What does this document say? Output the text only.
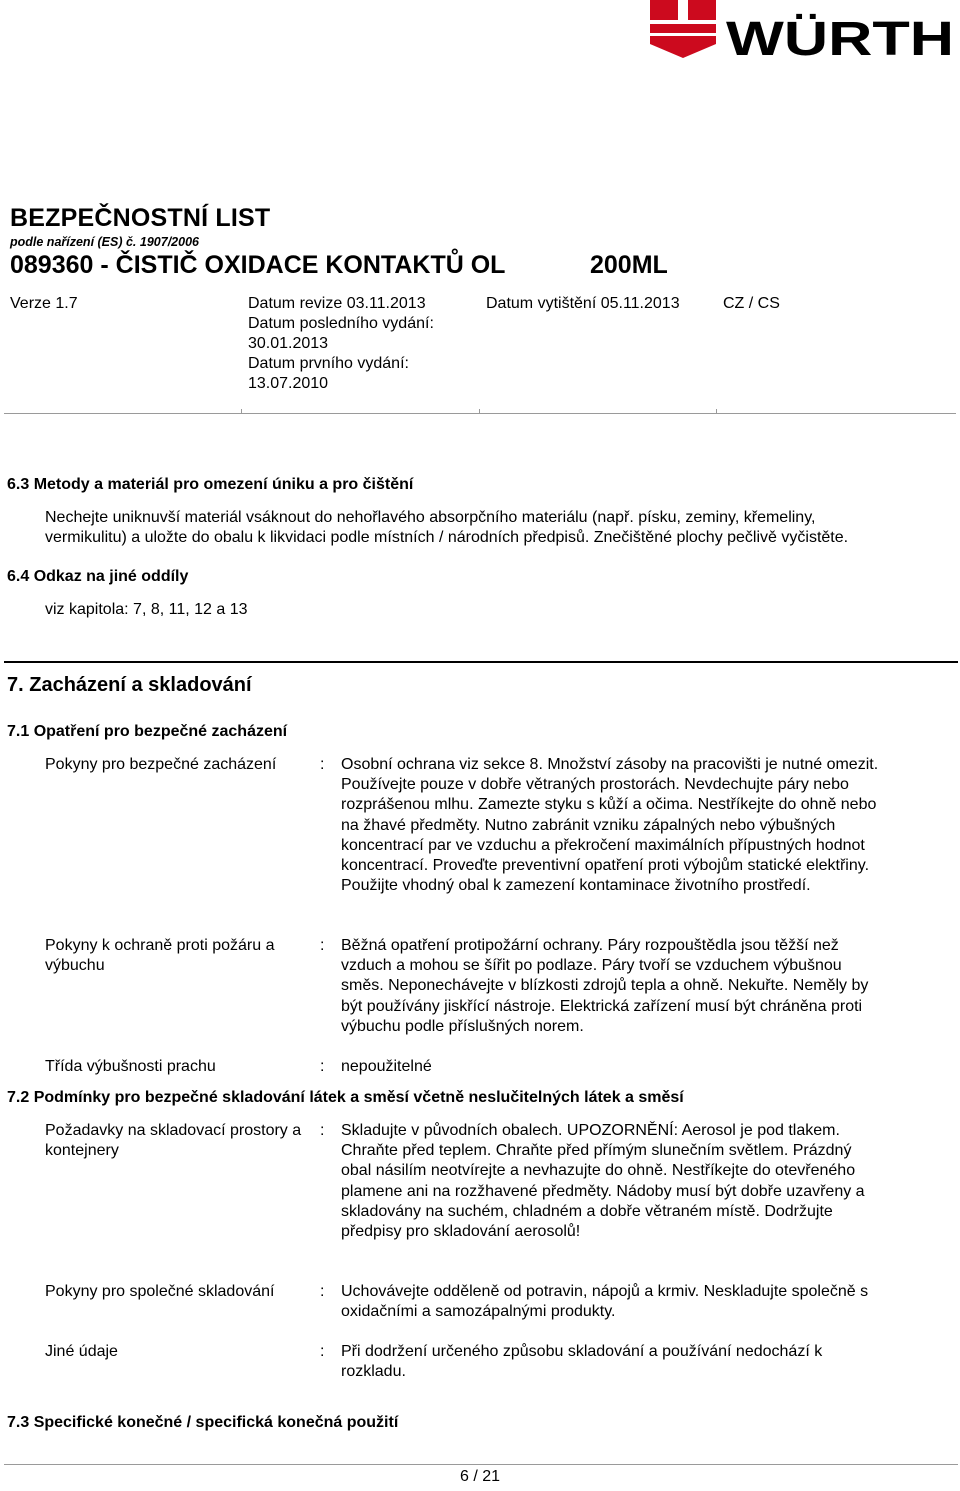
WÜRTH
BEZPEČNOSTNÍ LIST
podle nařízení (ES) č. 1907/2006
089360 - ČISTIČ OXIDACE KONTAKTŮ OL	200ML
Verze 1.7	Datum revize 03.11.2013
Datum posledního vydání:
30.01.2013
Datum prvního vydání:
13.07.2010
Datum vytištění 05.11.2013	CZ / CS
6.3 Metody a materiál pro omezení úniku a pro čištění
Nechejte uniknuvší materiál vsáknout do nehořlavého absorpčního materiálu (např. písku, zeminy, křemeliny,
vermikulitu) a uložte do obalu k likvidaci podle místních / národních předpisů. Znečištěné plochy pečlivě vyčistěte.
6.4 Odkaz na jiné oddíly
viz kapitola: 7, 8, 11, 12 a 13
7. Zacházení a skladování
7.1 Opatření pro bezpečné zacházení
Pokyny pro bezpečné zacházení	: Osobní ochrana viz sekce 8. Množství zásoby na pracovišti je nutné omezit. Používejte pouze v dobře větraných prostorách. Nevdechujte páry nebo rozprášenou mlhu. Zamezte styku s kůží a očima. Nestříkejte do ohně nebo na žhavé předměty. Nutno zabránit vzniku zápalných nebo výbušných koncentrací par ve vzduchu a překročení maximálních přípustných hodnot koncentrací. Proveďte preventivní opatření proti výbojům statické elektřiny. Použijte vhodný obal k zamezení kontaminace životního prostředí.
Pokyny k ochraně proti požáru a výbuchu
: Běžná opatření protipožární ochrany. Páry rozpouštědla jsou těžší než vzduch a mohou se šířit po podlaze. Páry tvoří se vzduchem výbušnou směs. Neponechávejte v blízkosti zdrojů tepla a ohně. Nekuřte. Neměly by být používány jiskřící nástroje. Elektrická zařízení musí být chráněna proti výbuchu podle příslušných norem.
Třída výbušnosti prachu	: nepoužitelné
7.2 Podmínky pro bezpečné skladování látek a směsí včetně neslučitelných látek a směsí
Požadavky na skladovací prostory a kontejnery
: Skladujte v původních obalech. UPOZORNĚNÍ: Aerosol je pod tlakem. Chraňte před teplem. Chraňte před přímým slunečním světlem. Prázdný obal násilím neotvírejte a nevhazujte do ohně. Nestříkejte do otevřeného plamene ani na rozžhavené předměty. Nádoby musí být dobře uzavřeny a skladovány na suchém, chladném a dobře větraném místě. Dodržujte předpisy pro skladování aerosolů!
Pokyny pro společné skladování	: Uchovávejte odděleně od potravin, nápojů a krmiv. Neskladujte společně s oxidačními a samozápalnými produkty.
Jiné údaje	: Při dodržení určeného způsobu skladování a používání nedochází k rozkladu.
7.3 Specifické konečné / specifická konečná použití
6 / 21
